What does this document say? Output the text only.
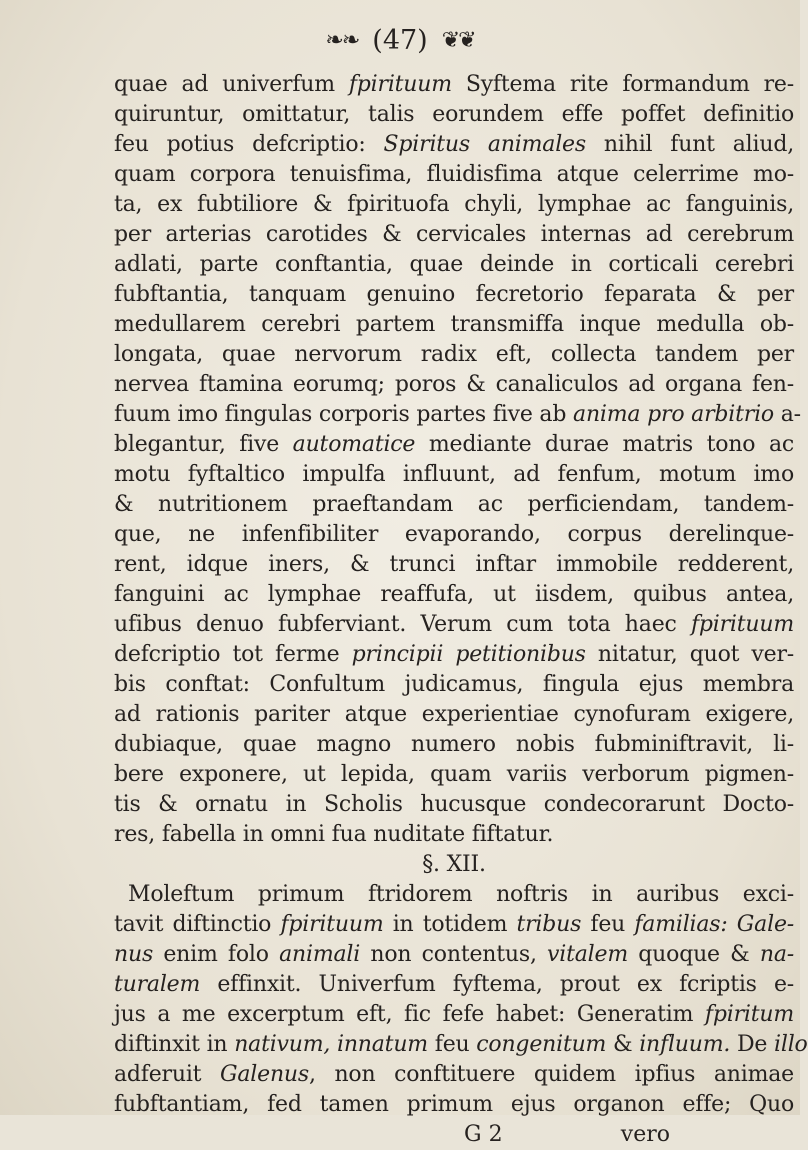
❧❧ (47) ❦❦
quae ad univerfum fpirituum Syftema rite formandum re-
quiruntur, omittatur, talis eorundem effe poffet definitio
feu potius defcriptio: Spiritus animales nihil funt aliud,
quam corpora tenuisfima, fluidisfima atque celerrime mo-
ta, ex fubtiliore & fpirituofa chyli, lymphae ac fanguinis,
per arterias carotides & cervicales internas ad cerebrum
adlati, parte conftantia, quae deinde in corticali cerebri
fubftantia, tanquam genuino fecretorio feparata & per
medullarem cerebri partem transmiffa inque medulla ob-
longata, quae nervorum radix eft, collecta tandem per
nervea ftamina eorumq; poros & canaliculos ad organa fen-
fuum imo fingulas corporis partes five ab anima pro arbitrio a-
blegantur, five automatice mediante durae matris tono ac
motu fyftaltico impulfa influunt, ad fenfum, motum imo
& nutritionem praeftandam ac perficiendam, tandem-
que, ne infenfibiliter evaporando, corpus derelinque-
rent, idque iners, & trunci inftar immobile redderent,
fanguini ac lymphae reaffufa, ut iisdem, quibus antea,
ufibus denuo fubferviant. Verum cum tota haec fpirituum
defcriptio tot ferme principii petitionibus nitatur, quot ver-
bis conftat: Confultum judicamus, fingula ejus membra
ad rationis pariter atque experientiae cynofuram exigere,
dubiaque, quae magno numero nobis fubminiftravit, li-
bere exponere, ut lepida, quam variis verborum pigmen-
tis & ornatu in Scholis hucusque condecorarunt Docto-
res, fabella in omni fua nuditate fiftatur.
§. XII.
Moleftum primum ftridorem noftris in auribus exci-
tavit diftinctio fpirituum in totidem tribus feu familias: Gale-
nus enim folo animali non contentus, vitalem quoque & na-
turalem effinxit. Univerfum fyftema, prout ex fcriptis e-
jus a me excerptum eft, fic fefe habet: Generatim fpiritum
diftinxit in nativum, innatum feu congenitum & influum. De illo
adferuit Galenus, non conftituere quidem ipfius animae
fubftantiam, fed tamen primum ejus organon effe; Quo
G 2	vero
